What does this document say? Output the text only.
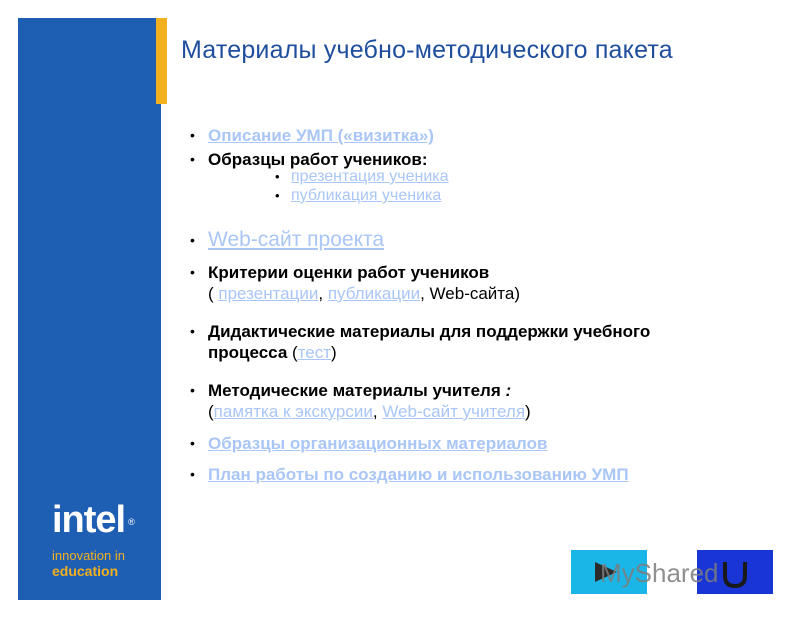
intel ®
innovation in
education
Материалы учебно-методического пакета
• Описание УМП («визитка»)
• Образцы работ учеников:
• презентация ученика
• публикация ученика
• Web-сайт проекта
• Критерии оценки работ учеников
( презентации, публикации, Web-сайта)
• Дидактические материалы для поддержки учебного
процесса (тест)
• Методические материалы учителя :
(памятка к экскурсии, Web-сайт учителя)
• Образцы организационных материалов
• План работы по созданию и использованию УМП
MyShared
